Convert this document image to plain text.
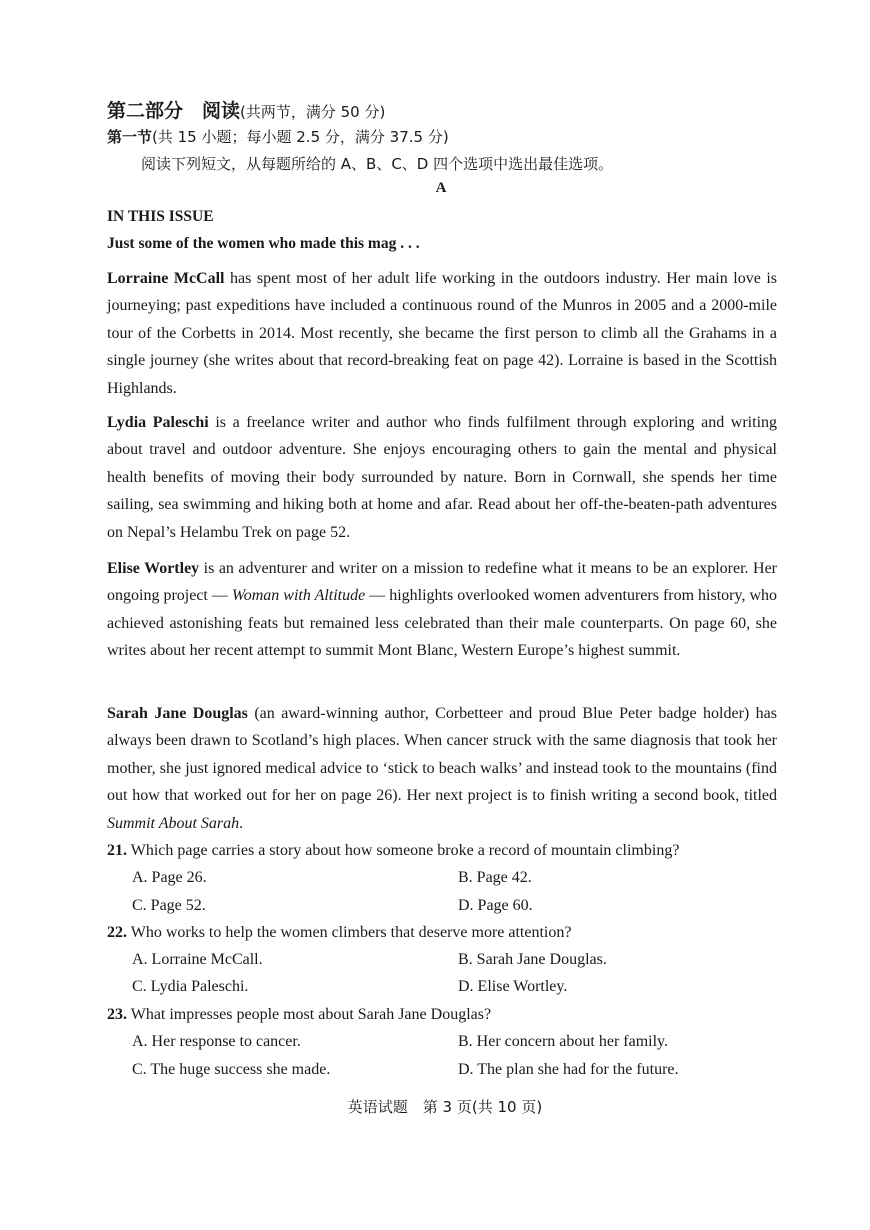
第二部分　阅读(共两节，满分 50 分)
第一节(共 15 小题；每小题 2.5 分，满分 37.5 分)
阅读下列短文，从每题所给的 A、B、C、D 四个选项中选出最佳选项。
A
IN THIS ISSUE
Just some of the women who made this mag . . .
Lorraine McCall has spent most of her adult life working in the outdoors industry. Her main love is journeying; past expeditions have included a continuous round of the Munros in 2005 and a 2000-mile tour of the Corbetts in 2014. Most recently, she became the first person to climb all the Grahams in a single journey (she writes about that record-breaking feat on page 42). Lorraine is based in the Scottish Highlands.
Lydia Paleschi is a freelance writer and author who finds fulfilment through exploring and writing about travel and outdoor adventure. She enjoys encouraging others to gain the mental and physical health benefits of moving their body surrounded by nature. Born in Cornwall, she spends her time sailing, sea swimming and hiking both at home and afar. Read about her off-the-beaten-path adventures on Nepal’s Helambu Trek on page 52.
Elise Wortley is an adventurer and writer on a mission to redefine what it means to be an explorer. Her ongoing project — Woman with Altitude — highlights overlooked women adventurers from history, who achieved astonishing feats but remained less celebrated than their male counterparts. On page 60, she writes about her recent attempt to summit Mont Blanc, Western Europe’s highest summit.
Sarah Jane Douglas (an award-winning author, Corbetteer and proud Blue Peter badge holder) has always been drawn to Scotland’s high places. When cancer struck with the same diagnosis that took her mother, she just ignored medical advice to ‘stick to beach walks’ and instead took to the mountains (find out how that worked out for her on page 26). Her next project is to finish writing a second book, titled Summit About Sarah.
21. Which page carries a story about how someone broke a record of mountain climbing?
A. Page 26.	B. Page 42.
C. Page 52.	D. Page 60.
22. Who works to help the women climbers that deserve more attention?
A. Lorraine McCall.	B. Sarah Jane Douglas.
C. Lydia Paleschi.	D. Elise Wortley.
23. What impresses people most about Sarah Jane Douglas?
A. Her response to cancer.	B. Her concern about her family.
C. The huge success she made.	D. The plan she had for the future.
英语试题　第 3 页(共 10 页)
